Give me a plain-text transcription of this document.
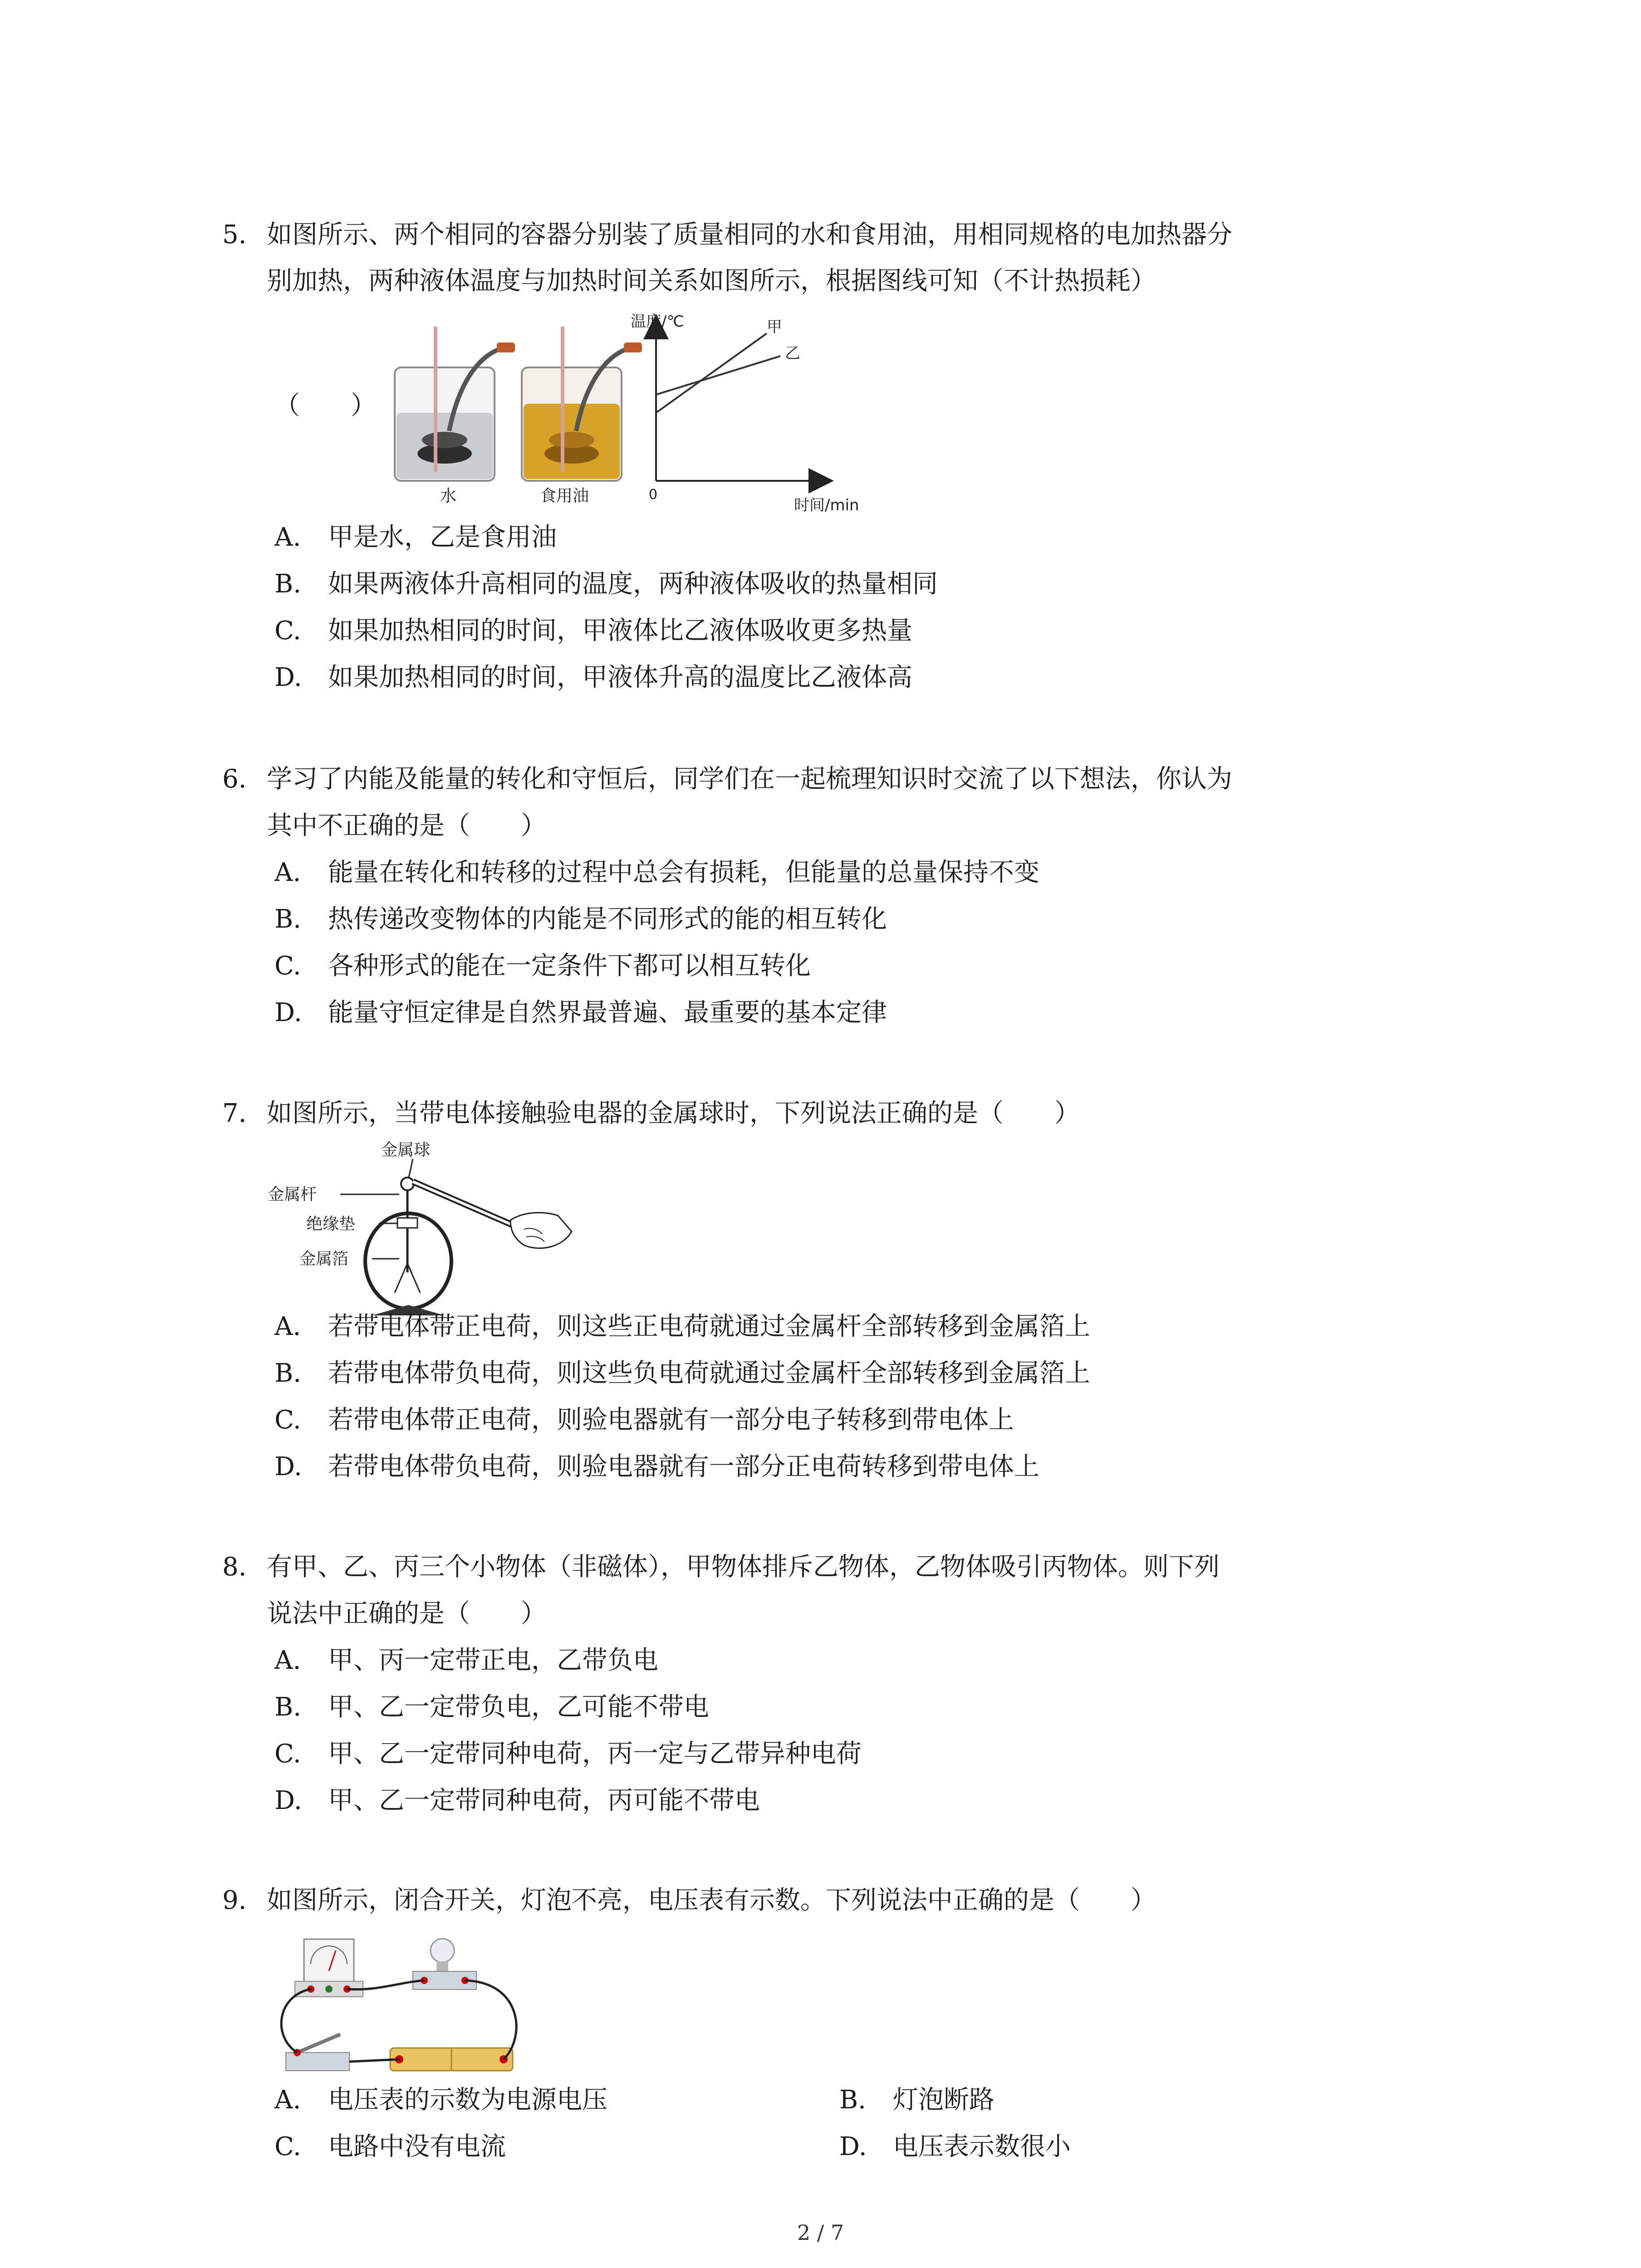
5. 如图所示、两个相同的容器分别装了质量相同的水和食用油，用相同规格的电加热器分
别加热，两种液体温度与加热时间关系如图所示，根据图线可知（不计热损耗）
（　　）
水	食用油
温度/℃	甲
乙
0
时间/min
A. 甲是水，乙是食用油
B. 如果两液体升高相同的温度，两种液体吸收的热量相同
C. 如果加热相同的时间，甲液体比乙液体吸收更多热量
D. 如果加热相同的时间，甲液体升高的温度比乙液体高
6. 学习了内能及能量的转化和守恒后，同学们在一起梳理知识时交流了以下想法，你认为
其中不正确的是（　　）
A. 能量在转化和转移的过程中总会有损耗，但能量的总量保持不变
B. 热传递改变物体的内能是不同形式的能的相互转化
C. 各种形式的能在一定条件下都可以相互转化
D. 能量守恒定律是自然界最普遍、最重要的基本定律
7. 如图所示，当带电体接触验电器的金属球时，下列说法正确的是（　　）
金属球
金属杆
绝缘垫
金属箔
A. 若带电体带正电荷，则这些正电荷就通过金属杆全部转移到金属箔上
B. 若带电体带负电荷，则这些负电荷就通过金属杆全部转移到金属箔上
C. 若带电体带正电荷，则验电器就有一部分电子转移到带电体上
D. 若带电体带负电荷，则验电器就有一部分正电荷转移到带电体上
8. 有甲、乙、丙三个小物体（非磁体），甲物体排斥乙物体，乙物体吸引丙物体。则下列
说法中正确的是（　　）
A. 甲、丙一定带正电，乙带负电
B. 甲、乙一定带负电，乙可能不带电
C. 甲、乙一定带同种电荷，丙一定与乙带异种电荷
D. 甲、乙一定带同种电荷，丙可能不带电
9. 如图所示，闭合开关，灯泡不亮，电压表有示数。下列说法中正确的是（　　）
A. 电压表的示数为电源电压	B. 灯泡断路
C. 电路中没有电流	D. 电压表示数很小
2 / 7
